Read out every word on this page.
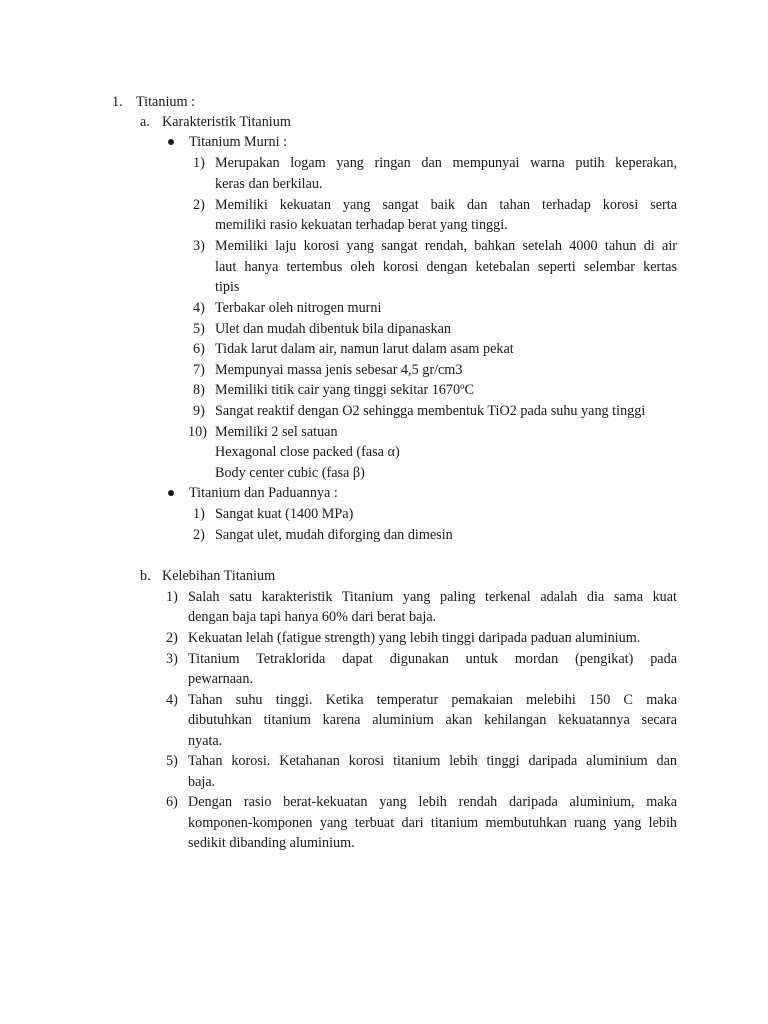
1. Titanium :
a. Karakteristik Titanium
Titanium Murni :
1) Merupakan logam yang ringan dan mempunyai warna putih keperakan,
keras dan berkilau.
2) Memiliki kekuatan yang sangat baik dan tahan terhadap korosi serta
memiliki rasio kekuatan terhadap berat yang tinggi.
3) Memiliki laju korosi yang sangat rendah, bahkan setelah 4000 tahun di air
laut hanya tertembus oleh korosi dengan ketebalan seperti selembar kertas
tipis
4) Terbakar oleh nitrogen murni
5) Ulet dan mudah dibentuk bila dipanaskan
6) Tidak larut dalam air, namun larut dalam asam pekat
7) Mempunyai massa jenis sebesar 4,5 gr/cm3
8) Memiliki titik cair yang tinggi sekitar 1670ºC
9) Sangat reaktif dengan O2 sehingga membentuk TiO2 pada suhu yang tinggi
10) Memiliki 2 sel satuan
Hexagonal close packed (fasa α)
Body center cubic (fasa β)
Titanium dan Paduannya :
1) Sangat kuat (1400 MPa)
2) Sangat ulet, mudah diforging dan dimesin
b. Kelebihan Titanium
1) Salah satu karakteristik Titanium yang paling terkenal adalah dia sama kuat
dengan baja tapi hanya 60% dari berat baja.
2) Kekuatan lelah (fatigue strength) yang lebih tinggi daripada paduan aluminium.
3) Titanium Tetraklorida dapat digunakan untuk mordan (pengikat) pada
pewarnaan.
4) Tahan suhu tinggi. Ketika temperatur pemakaian melebihi 150 C maka
dibutuhkan titanium karena aluminium akan kehilangan kekuatannya secara
nyata.
5) Tahan korosi. Ketahanan korosi titanium lebih tinggi daripada aluminium dan
baja.
6) Dengan rasio berat-kekuatan yang lebih rendah daripada aluminium, maka
komponen-komponen yang terbuat dari titanium membutuhkan ruang yang lebih
sedikit dibanding aluminium.
